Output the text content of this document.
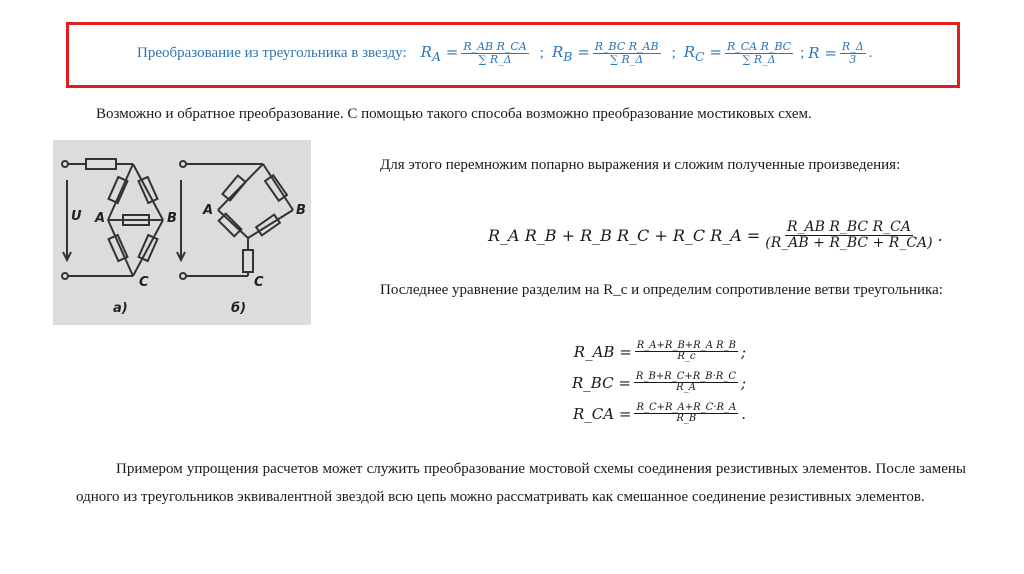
Преобразование из треугольника в звезду: $R_A = \frac{\text{R\_AB R\_CA}}{\sum R\_\Delta}$ ; $R_B = \frac{\text{R\_BC R\_AB}}{\sum R\_\Delta}$ ; $R_C = \frac{\text{R\_CA R\_BC}}{\sum R\_\Delta}$ ; $R = \frac{R\_\Delta}{3}$ .
Возможно и обратное преобразование. С помощью такого способа возможно преобразование мостиковых схем.
U A	B
C
A	B
C
а)	б)
Для этого перемножим попарно выражения и сложим полученные произведения:
R_A R_B + R_B R_C + R_C R_A = $\frac{\text{R\_AB R\_BC R\_CA}}{(R\_AB + R\_BC + R\_CA)}$ .
Последнее уравнение разделим на R_c и определим сопротивление ветви треугольника:
R_AB = $\frac{\text{R\_A+R\_B+R\_A R\_B}}{R\_c}$ ;
R_BC = $\frac{R\_B+R\_C+R\_B\cdot R\_C}{R\_A}$ ;
R_CA = $\frac{R\_C+R\_A+R\_C\cdot R\_A}{R\_B}$ .
Примером упрощения расчетов может служить преобразование мостовой схемы соединения резистивных элементов. После замены одного из треугольников эквивалентной звездой всю цепь можно рассматривать как смешанное соединение резистивных элементов.
